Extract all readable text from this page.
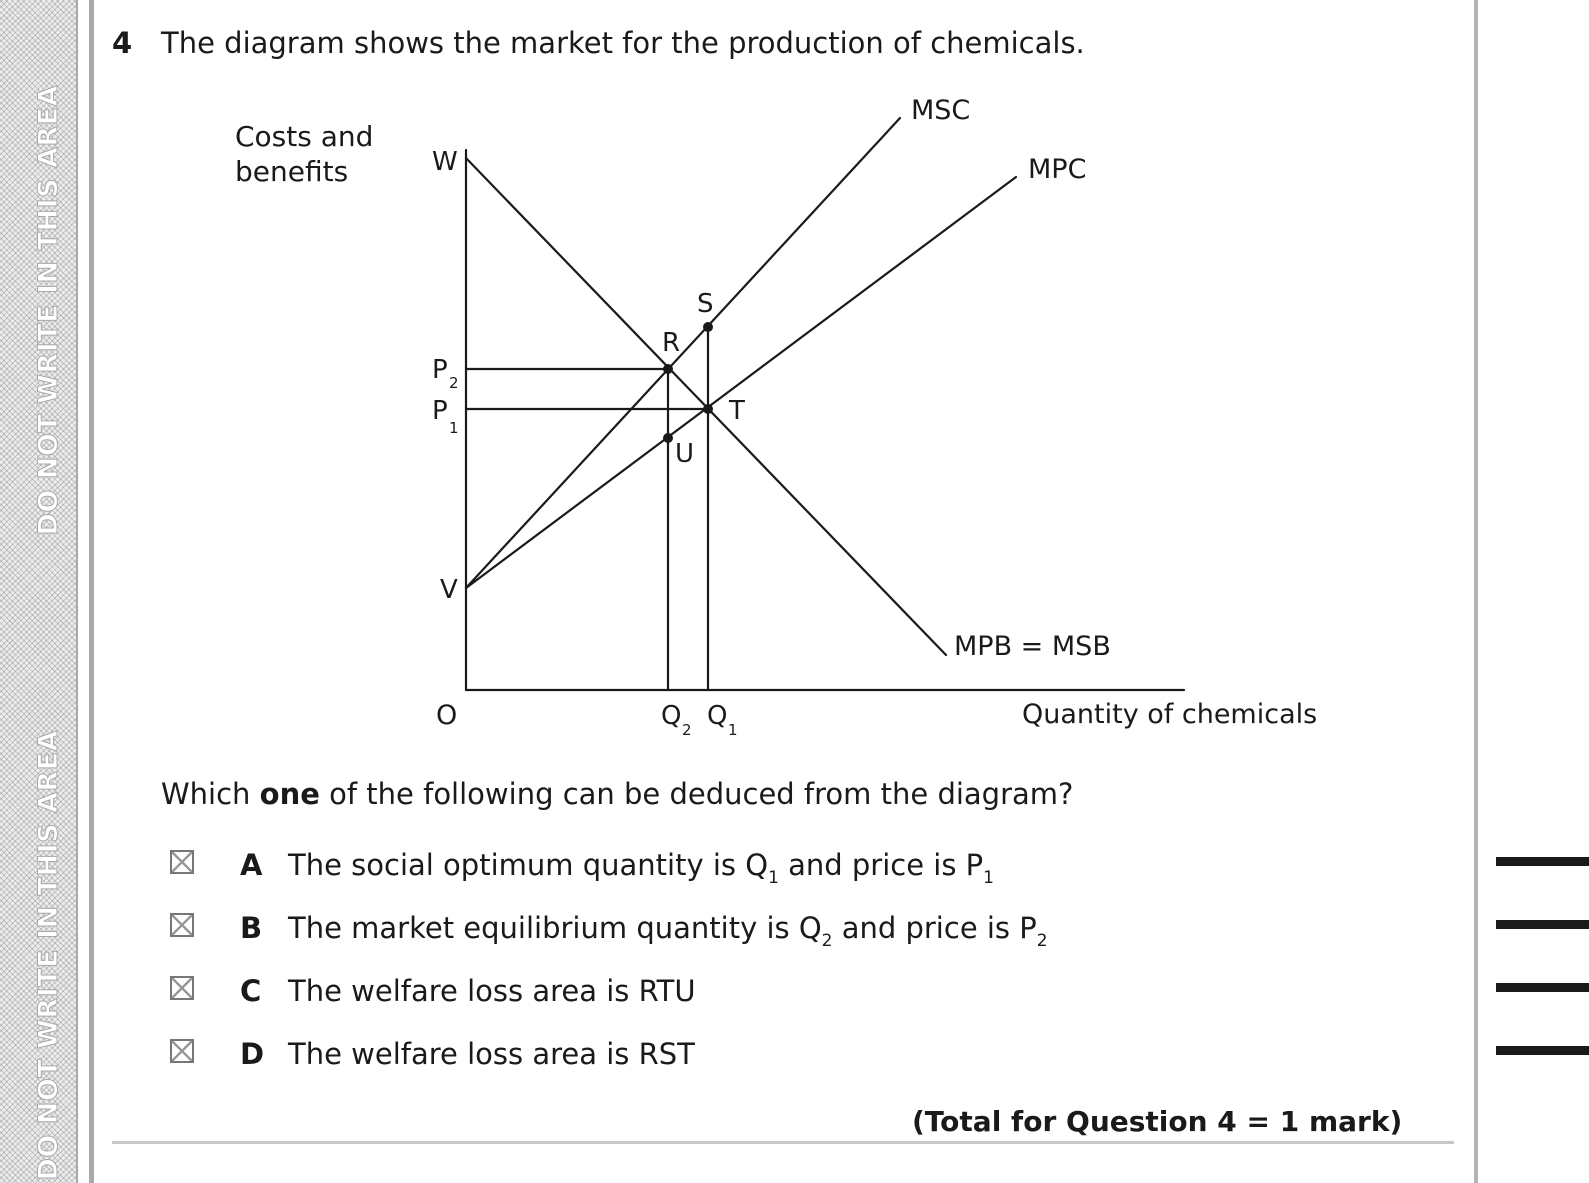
DO NOT WRITE IN THIS AREA
DO NOT WRITE IN THIS AREA
4 The diagram shows the market for the production of chemicals.
Costs and
benefits	W
V
O
P 2
P
1
R
S
T
U
MSC
MPC
MPB = MSB
Q 2 Q 1	Quantity of chemicals
Which one of the following can be deduced from the diagram?
A The social optimum quantity is $Q_1$ and price is $P_1$
B The market equilibrium quantity is $Q_2$ and price is $P_2$
C The welfare loss area is RTU
D The welfare loss area is RST
(Total for Question 4 = 1 mark)
